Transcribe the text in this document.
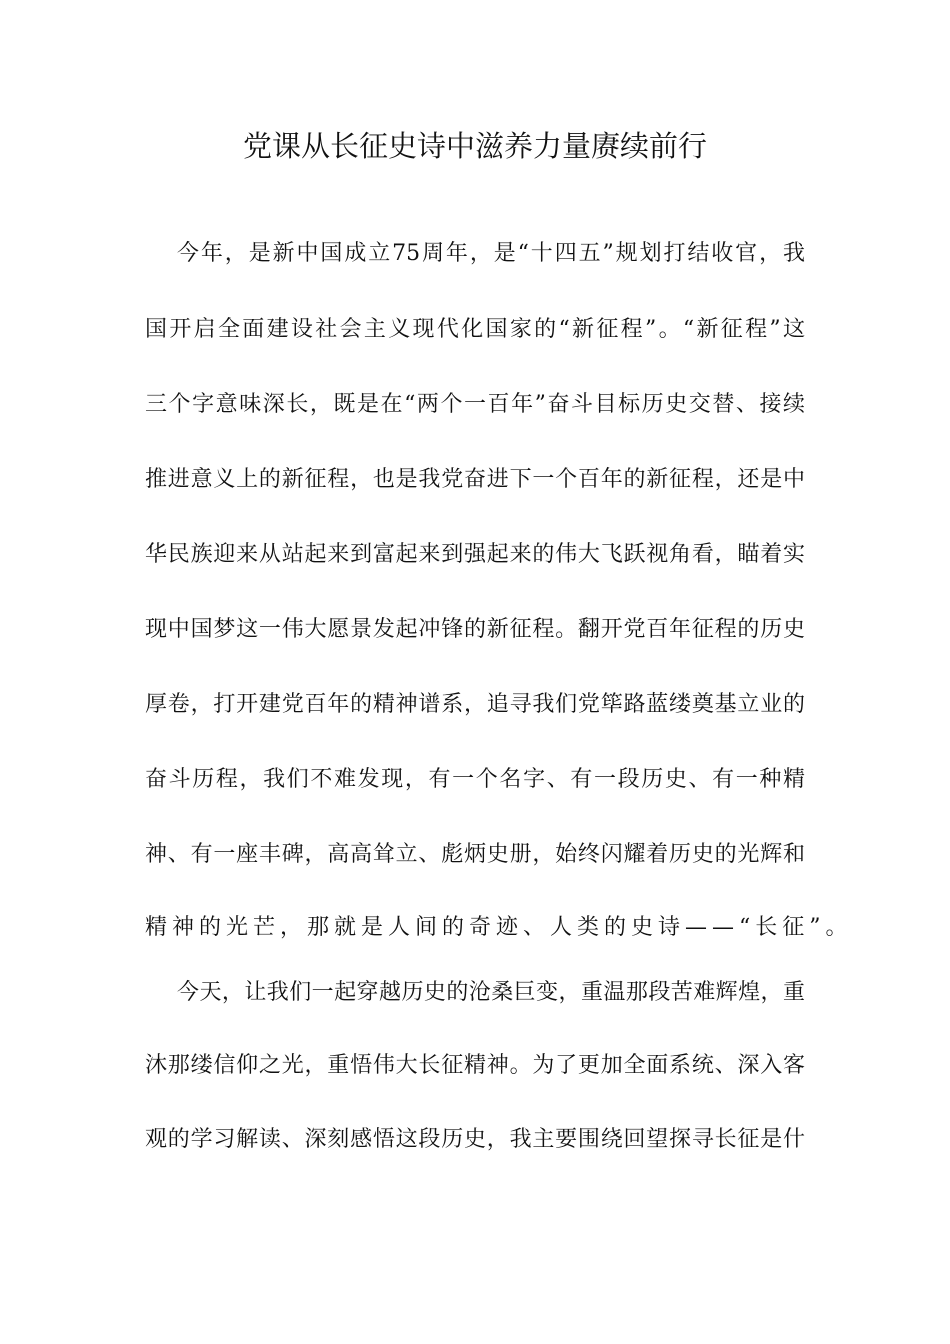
党课从长征史诗中滋养力量赓续前行
今年，是新中国成立75周年，是“十四五”规划打结收官，我
国开启全面建设社会主义现代化国家的“新征程”。“新征程”这
三个字意味深长，既是在“两个一百年”奋斗目标历史交替、接续
推进意义上的新征程，也是我党奋进下一个百年的新征程，还是中
华民族迎来从站起来到富起来到强起来的伟大飞跃视角看，瞄着实
现中国梦这一伟大愿景发起冲锋的新征程。翻开党百年征程的历史
厚卷，打开建党百年的精神谱系，追寻我们党筚路蓝缕奠基立业的
奋斗历程，我们不难发现，有一个名字、有一段历史、有一种精
神、有一座丰碑，高高耸立、彪炳史册，始终闪耀着历史的光辉和
精神的光芒，那就是人间的奇迹、人类的史诗——“长征”。
今天，让我们一起穿越历史的沧桑巨变，重温那段苦难辉煌，重
沐那缕信仰之光，重悟伟大长征精神。为了更加全面系统、深入客
观的学习解读、深刻感悟这段历史，我主要围绕回望探寻长征是什
